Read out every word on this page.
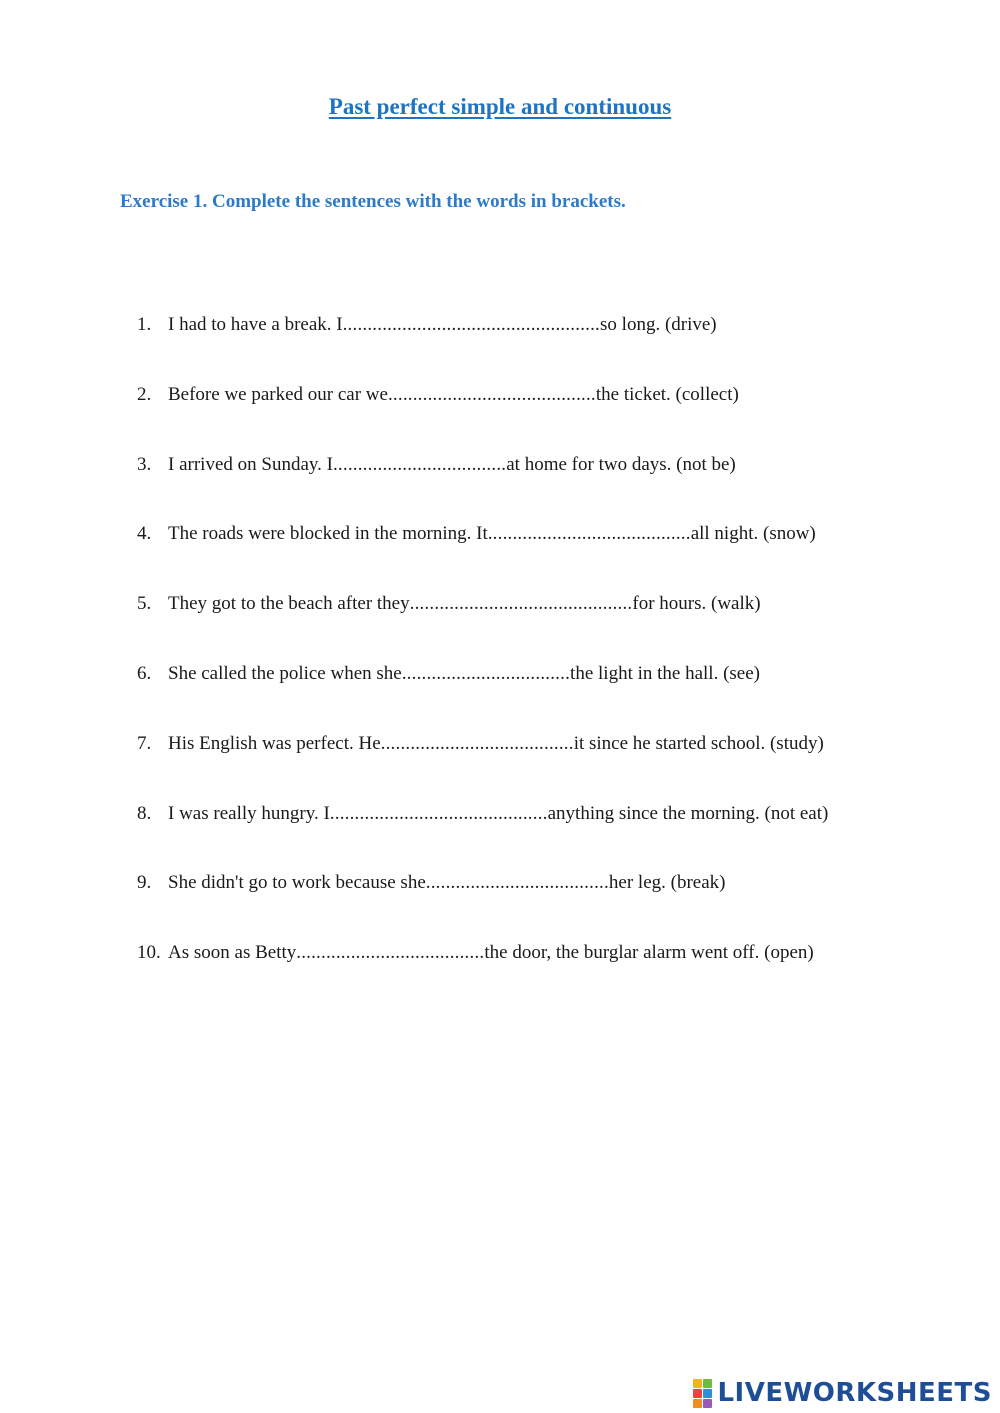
Past perfect simple and continuous

Exercise 1. Complete the sentences with the words in brackets.

1. I had to have a break. I....................................................so long. (drive)
2. Before we parked our car we..........................................the ticket. (collect)
3. I arrived on Sunday. I...................................at home for two days. (not be)
4. The roads were blocked in the morning. It.........................................all night. (snow)
5. They got to the beach after they.............................................for hours. (walk)
6. She called the police when she..................................the light in the hall. (see)
7. His English was perfect. He.......................................it since he started school. (study)
8. I was really hungry. I............................................anything since the morning. (not eat)
9. She didn't go to work because she.....................................her leg. (break)
10. As soon as Betty......................................the door, the burglar alarm went off. (open)
LIVEWORKSHEETS
